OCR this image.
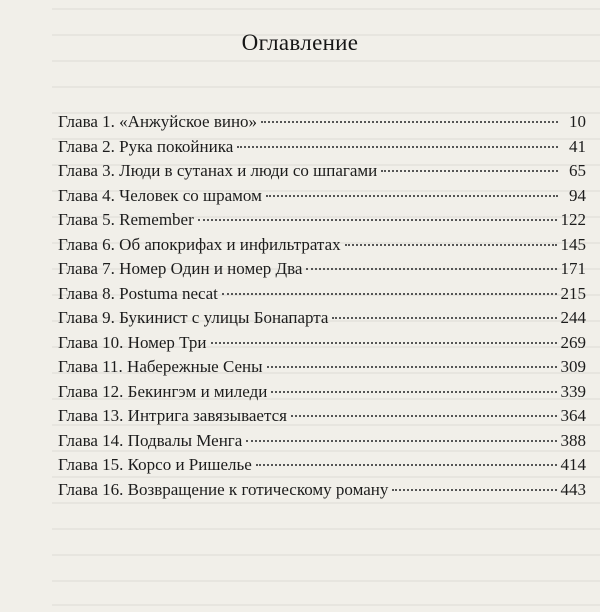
Оглавление
Глава 1. «Анжуйское вино»	10
Глава 2. Рука покойника	41
Глава 3. Люди в сутанах и люди со шпагами	65
Глава 4. Человек со шрамом	94
Глава 5. Remember	122
Глава 6. Об апокрифах и инфильтратах	145
Глава 7. Номер Один и номер Два	171
Глава 8. Postuma necat	215
Глава 9. Букинист с улицы Бонапарта	244
Глава 10. Номер Три	269
Глава 11. Набережные Сены	309
Глава 12. Бекингэм и миледи	339
Глава 13. Интрига завязывается	364
Глава 14. Подвалы Менга	388
Глава 15. Корсо и Ришелье	414
Глава 16. Возвращение к готическому роману	443
